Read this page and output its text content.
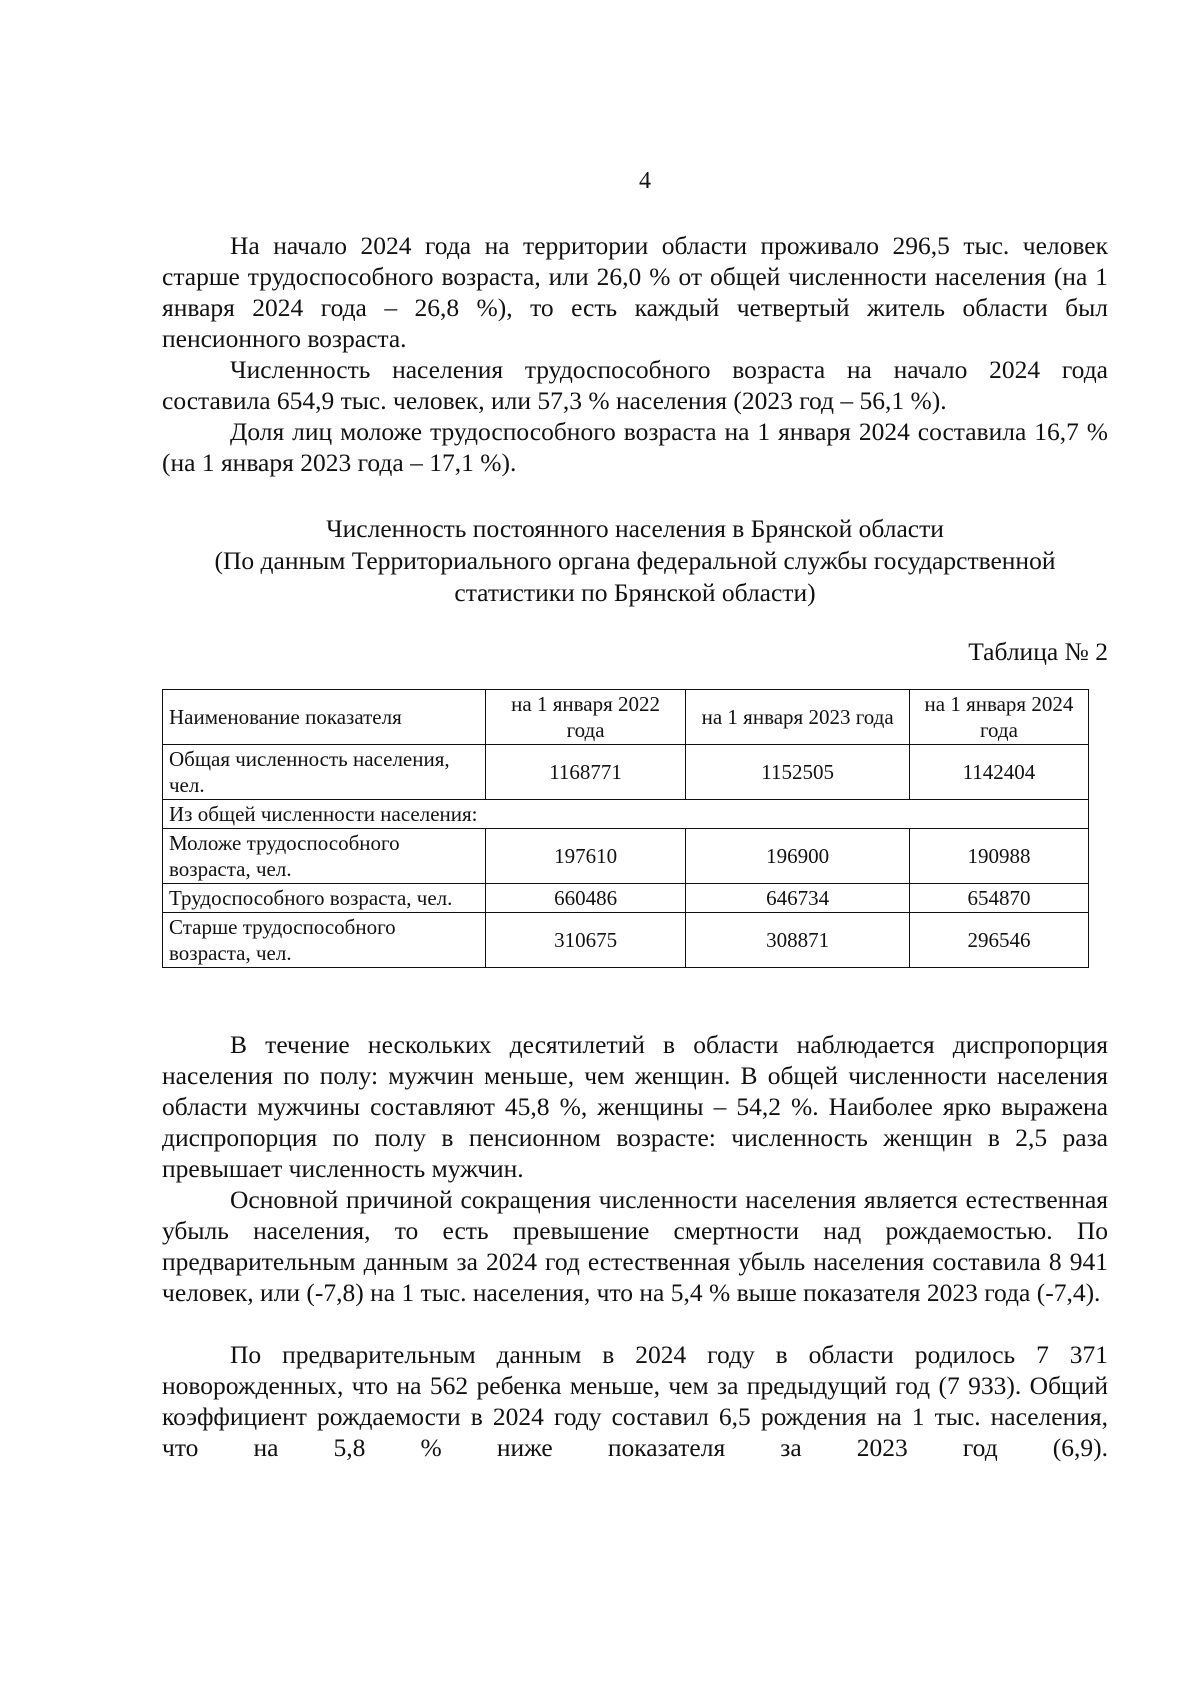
4

На начало 2024 года на территории области проживало 296,5 тыс. человек старше трудоспособного возраста, или 26,0 % от общей численности населения (на 1 января 2024 года – 26,8 %), то есть каждый четвертый житель области был пенсионного возраста.

Численность населения трудоспособного возраста на начало 2024 года составила 654,9 тыс. человек, или 57,3 % населения (2023 год – 56,1 %).

Доля лиц моложе трудоспособного возраста на 1 января 2024 составила 16,7 % (на 1 января 2023 года – 17,1 %).

Численность постоянного населения в Брянской области
(По данным Территориального органа федеральной службы государственной статистики по Брянской области)
Таблица № 2
Наименование показателя	на 1 января 2022 года	на 1 января 2023 года	на 1 января 2024 года
Общая численность населения, чел.	1168771	1152505	1142404
Из общей численности населения:			
Моложе трудоспособного возраста, чел.	197610	196900	190988
Трудоспособного возраста, чел.	660486	646734	654870
Старше трудоспособного возраста, чел.	310675	308871	296546

В течение нескольких десятилетий в области наблюдается диспропорция населения по полу: мужчин меньше, чем женщин. В общей численности населения области мужчины составляют 45,8 %, женщины – 54,2 %. Наиболее ярко выражена диспропорция по полу в пенсионном возрасте: численность женщин в 2,5 раза превышает численность мужчин.

Основной причиной сокращения численности населения является естественная убыль населения, то есть превышение смертности над рождаемостью. По предварительным данным за 2024 год естественная убыль населения составила 8 941 человек, или (-7,8) на 1 тыс. населения, что на 5,4 % выше показателя 2023 года (-7,4).

По предварительным данным в 2024 году в области родилось 7 371 новорожденных, что на 562 ребенка меньше, чем за предыдущий год (7 933). Общий коэффициент рождаемости в 2024 году составил 6,5 рождения на 1 тыс. населения, что на 5,8 % ниже показателя за 2023 год (6,9).
